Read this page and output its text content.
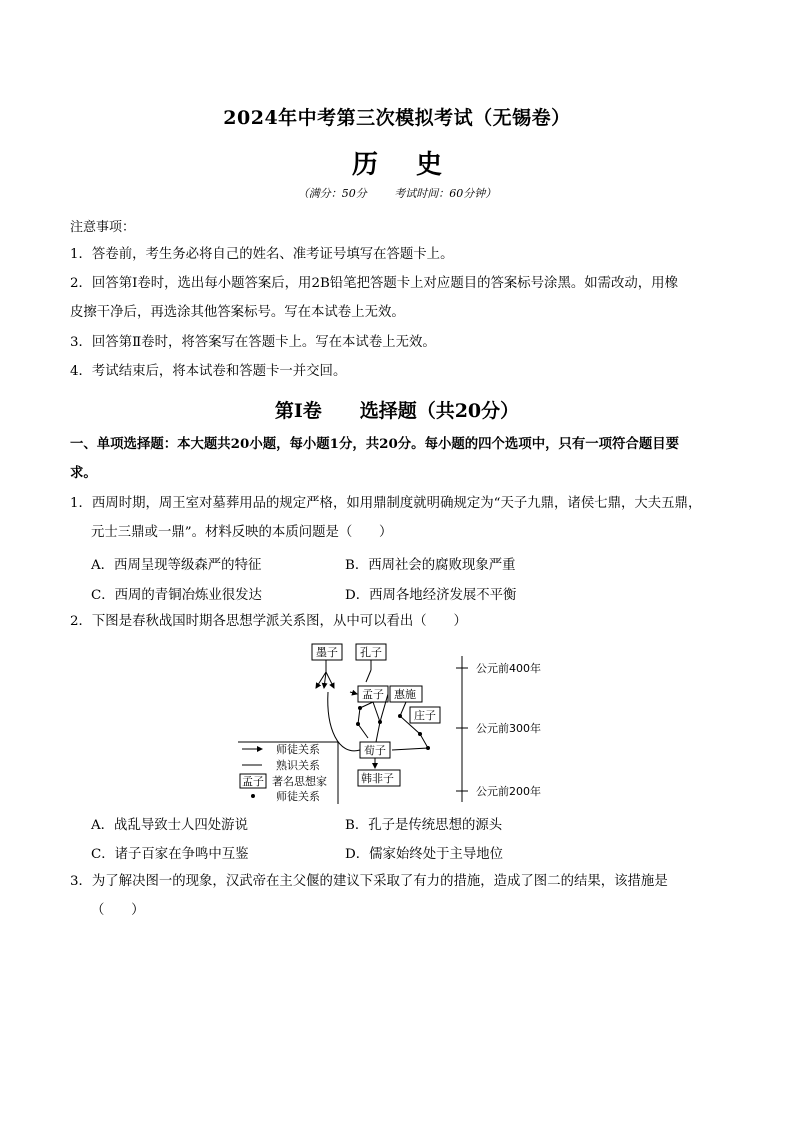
2024年中考第三次模拟考试（无锡卷）
历史
（满分：50分	考试时间：60分钟）
注意事项：
1．答卷前，考生务必将自己的姓名、准考证号填写在答题卡上。
2．回答第Ⅰ卷时，选出每小题答案后，用2B铅笔把答题卡上对应题目的答案标号涂黑。如需改动，用橡
皮擦干净后，再选涂其他答案标号。写在本试卷上无效。
3．回答第Ⅱ卷时，将答案写在答题卡上。写在本试卷上无效。
4．考试结束后，将本试卷和答题卡一并交回。
第Ⅰ卷　　选择题（共20分）
一、单项选择题：本大题共20小题，每小题1分，共20分。每小题的四个选项中，只有一项符合题目要
求。
1．西周时期，周王室对墓葬用品的规定严格，如用鼎制度就明确规定为“天子九鼎，诸侯七鼎，大夫五鼎，
元士三鼎或一鼎”。材料反映的本质问题是（　　）
A．西周呈现等级森严的特征	B．西周社会的腐败现象严重
C．西周的青铜冶炼业很发达	D．西周各地经济发展不平衡
2．下图是春秋战国时期各思想学派关系图，从中可以看出（　　）
墨子 孔子
孟子 惠施
庄子
荀子
韩非子
公元前400年
公元前300年
公元前200年
师徒关系
熟识关系
孟子 著名思想家
师徒关系
A．战乱导致士人四处游说	B．孔子是传统思想的源头
C．诸子百家在争鸣中互鉴	D．儒家始终处于主导地位
3．为了解决图一的现象，汉武帝在主父偃的建议下采取了有力的措施，造成了图二的结果，该措施是
（　　）
